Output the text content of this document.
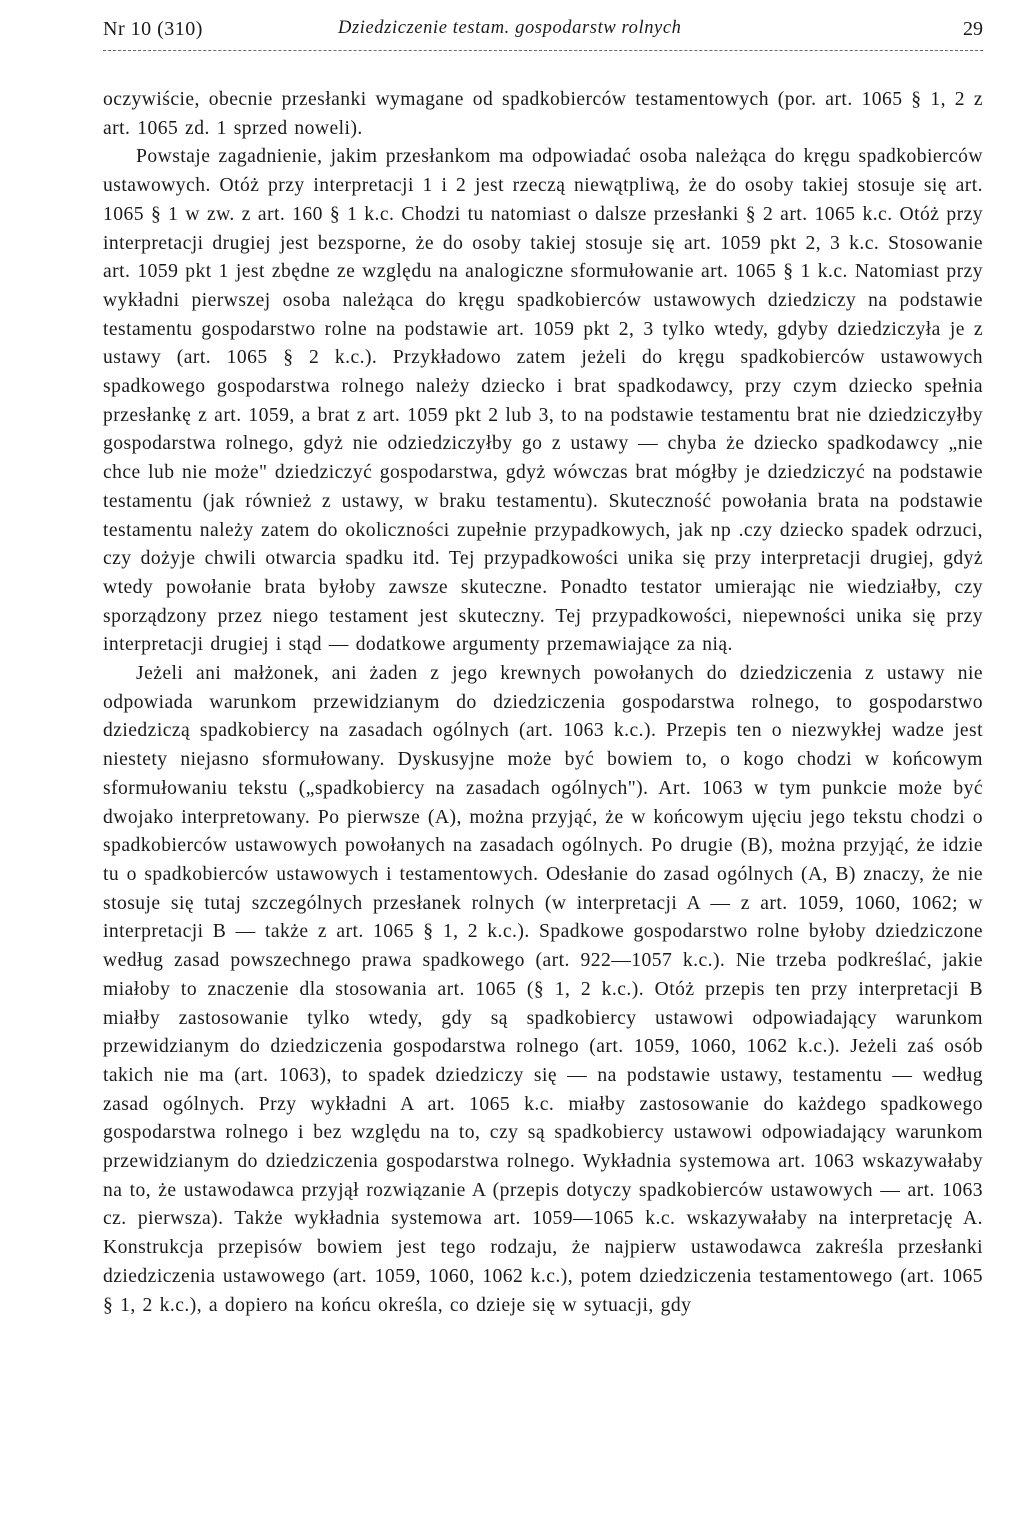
Nr 10 (310)	Dziedziczenie testam. gospodarstw rolnych	29

oczywiście, obecnie przesłanki wymagane od spadkobierców testamentowych (por. art. 1065 § 1, 2 z art. 1065 zd. 1 sprzed noweli).

Powstaje zagadnienie, jakim przesłankom ma odpowiadać osoba należąca do kręgu spadkobierców ustawowych. Otóż przy interpretacji 1 i 2 jest rzeczą niewątpliwą, że do osoby takiej stosuje się art. 1065 § 1 w zw. z art. 160 § 1 k.c. Chodzi tu natomiast o dalsze przesłanki § 2 art. 1065 k.c. Otóż przy interpretacji drugiej jest bezsporne, że do osoby takiej stosuje się art. 1059 pkt 2, 3 k.c. Stosowanie art. 1059 pkt 1 jest zbędne ze względu na analogiczne sformułowanie art. 1065 § 1 k.c. Natomiast przy wykładni pierwszej osoba należąca do kręgu spadkobierców ustawowych dziedziczy na podstawie testamentu gospodarstwo rolne na podstawie art. 1059 pkt 2, 3 tylko wtedy, gdyby dziedziczyła je z ustawy (art. 1065 § 2 k.c.). Przykładowo zatem jeżeli do kręgu spadkobierców ustawowych spadkowego gospodarstwa rolnego należy dziecko i brat spadkodawcy, przy czym dziecko spełnia przesłankę z art. 1059, a brat z art. 1059 pkt 2 lub 3, to na podstawie testamentu brat nie dziedziczyłby gospodarstwa rolnego, gdyż nie odziedziczyłby go z ustawy — chyba że dziecko spadkodawcy „nie chce lub nie może" dziedziczyć gospodarstwa, gdyż wówczas brat mógłby je dziedziczyć na podstawie testamentu (jak również z ustawy, w braku testamentu). Skuteczność powołania brata na podstawie testamentu należy zatem do okoliczności zupełnie przypadkowych, jak np .czy dziecko spadek odrzuci, czy dożyje chwili otwarcia spadku itd. Tej przypadkowości unika się przy interpretacji drugiej, gdyż wtedy powołanie brata byłoby zawsze skuteczne. Ponadto testator umierając nie wiedziałby, czy sporządzony przez niego testament jest skuteczny. Tej przypadkowości, niepewności unika się przy interpretacji drugiej i stąd — dodatkowe argumenty przemawiające za nią.

Jeżeli ani małżonek, ani żaden z jego krewnych powołanych do dziedziczenia z ustawy nie odpowiada warunkom przewidzianym do dziedziczenia gospodarstwa rolnego, to gospodarstwo dziedziczą spadkobiercy na zasadach ogólnych (art. 1063 k.c.). Przepis ten o niezwykłej wadze jest niestety niejasno sformułowany. Dyskusyjne może być bowiem to, o kogo chodzi w końcowym sformułowaniu tekstu („spadkobiercy na zasadach ogólnych"). Art. 1063 w tym punkcie może być dwojako interpretowany. Po pierwsze (A), można przyjąć, że w końcowym ujęciu jego tekstu chodzi o spadkobierców ustawowych powołanych na zasadach ogólnych. Po drugie (B), można przyjąć, że idzie tu o spadkobierców ustawowych i testamentowych. Odesłanie do zasad ogólnych (A, B) znaczy, że nie stosuje się tutaj szczególnych przesłanek rolnych (w interpretacji A — z art. 1059, 1060, 1062; w interpretacji B — także z art. 1065 § 1, 2 k.c.). Spadkowe gospodarstwo rolne byłoby dziedziczone według zasad powszechnego prawa spadkowego (art. 922—1057 k.c.). Nie trzeba podkreślać, jakie miałoby to znaczenie dla stosowania art. 1065 (§ 1, 2 k.c.). Otóż przepis ten przy interpretacji B miałby zastosowanie tylko wtedy, gdy są spadkobiercy ustawowi odpowiadający warunkom przewidzianym do dziedziczenia gospodarstwa rolnego (art. 1059, 1060, 1062 k.c.). Jeżeli zaś osób takich nie ma (art. 1063), to spadek dziedziczy się — na podstawie ustawy, testamentu — według zasad ogólnych. Przy wykładni A art. 1065 k.c. miałby zastosowanie do każdego spadkowego gospodarstwa rolnego i bez względu na to, czy są spadkobiercy ustawowi odpowiadający warunkom przewidzianym do dziedziczenia gospodarstwa rolnego. Wykładnia systemowa art. 1063 wskazywałaby na to, że ustawodawca przyjął rozwiązanie A (przepis dotyczy spadkobierców ustawowych — art. 1063 cz. pierwsza). Także wykładnia systemowa art. 1059—1065 k.c. wskazywałaby na interpretację A. Konstrukcja przepisów bowiem jest tego rodzaju, że najpierw ustawodawca zakreśla przesłanki dziedziczenia ustawowego (art. 1059, 1060, 1062 k.c.), potem dziedziczenia testamentowego (art. 1065 § 1, 2 k.c.), a dopiero na końcu określa, co dzieje się w sytuacji, gdy
